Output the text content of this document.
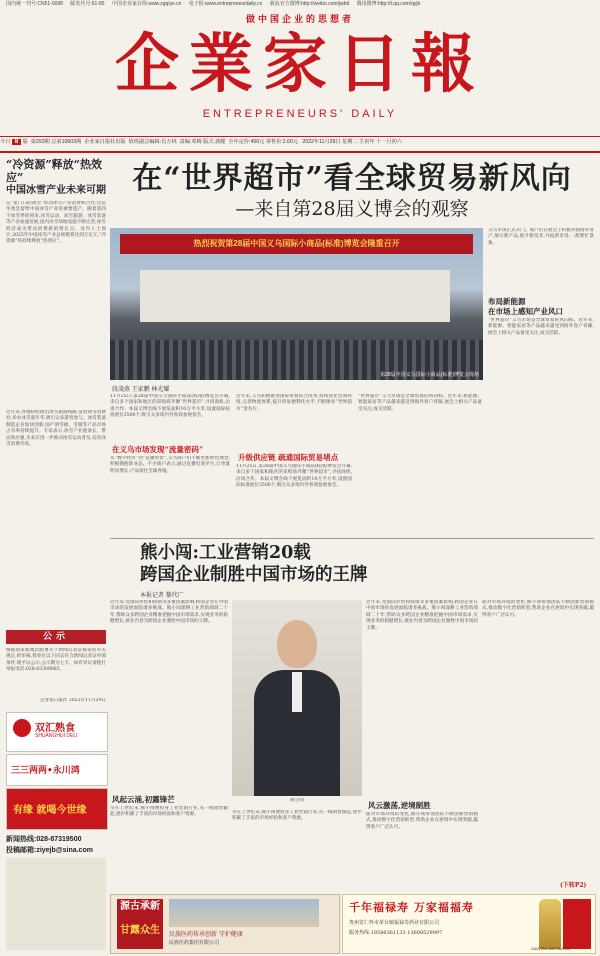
国内统一刊号:CN51-0098 邮发代号:61-85 中国企业家在线:www.zgqiye.cn 电子报:www.entrepreneurdaily.cn 新浪官方微博:http://weibo.com/jwbd 腾讯微博:http://t.qq.com/qyjb
做中国企业的思想者
企業家日報
ENTREPRENEURS' DAILY
今日 8 版 第293期 总第10603期 企业家日报社出版 值班副总编辑:肖万林 责编:邓梅 版式:龚健 全年定价:450元 零售价:2.00元 2022年11月29日 星期二 壬寅年 十一月初六
“冷资源”释放“热效应”
中国冰雪产业未来可期
记“家门口的冰雪”带动冰雪产业消费和合作,这是冬奥会留给中国冰雪产业的重要遗产。随着第四个冰雪季的到来,冰雪运动、冰雪旅游、冰雪装备等产业加速发展,国内冰雪场地设施不断完善,冰雪经济成为带动消费新的增长点。业内人士预计,2025年中国冰雪产业总规模将达到万亿元,“冷资源”将持续释放“热效应”。
近年来,各地纷纷推出冰雪旅游线路,发放冰雪消费券,举办冰雪嘉年华,吸引众多游客参与。冰雪装备制造企业加快创新,国产滑雪板、雪服等产品市场占有率持续提升。专家表示,冰雪产业链条长、带动效应强,未来应进一步推动冰雪运动普及,培育冰雪消费市场。
公示
根据国家新闻出版署关于新闻记者证核发的有关规定,经审核,我单位以下同志符合新闻记者证申领条件,现予以公示,公示期为七天。如有异议请拨打举报电话:028-63309885。
企业家日报社 2022年11月29日
双汇熟食
SHUANGHUI DELI
三三两两•永川鸿
有缘 就喝今世缘
新闻热线:028-87319500
投稿邮箱:ziyejb@sina.com
在“世界超市”看全球贸易新风向
—来自第28届义博会的观察
热烈祝贺第28届中国义乌国际小商品(标准)博览会隆重召开
第28届中国义乌国际小商品(标准)博览会现场
段凌燕 王家鹏 林光耀
11月25日,第28届中国义乌国际小商品(标准)博览会开幕,来自多个国家和地区的采购商齐聚“世界超市”,寻找商机,洽谈合作。本届义博会线下展览面积10万平方米,设置国际标准展位3500个,吸引众多境内外客商参展参会。
在义乌市场发现“流量密码”
从“数字经济”到“直播带货”,义乌商户们不断更新经营理念,积极拥抱新业态。不少商户表示,通过直播电商平台,订单量明显增长,产品销往全球各地。
近年来,义乌积极推进国际贸易综合改革,持续优化营商环境,完善物流体系,提升贸易便利化水平,不断擦亮“世界超市”金名片。
升级供应链 疏通国际贸易堵点
11月25日,第28届中国义乌国际小商品(标准)博览会开幕,来自多个国家和地区的采购商齐聚“世界超市”,寻找商机,洽谈合作。本届义博会线下展览面积10万平方米,设置国际标准展位3500个,吸引众多境内外客商参展参会。
“世界超市”义乌市场是全球贸易的风向标。近年来,新能源、智能家居等产品越来越受到海外客户青睐,展会上相关产品备受关注,成交活跃。
义乌市场正式开门。商户们在展会上积极对接海外客户,展示新产品,推介新技术,开拓新市场,一派繁忙景象。
布局新能源
在市场上感知产业风口
“世界超市”义乌市场是全球贸易的风向标。近年来,新能源、智能家居等产品越来越受到海外客户青睐,展会上相关产品备受关注,成交活跃。
熊小闯:工业营销20载
跨国企业制胜中国市场的王牌
本报记者 黎代广
近年来,受国际形势和疫情等多重因素影响,跨国企业在中国市场的发展面临诸多挑战。熊小闯深耕工业营销领域二十年,帮助众多跨国企业精准把握中国市场需求,实现业务的稳健增长,被业内誉为跨国企业制胜中国市场的王牌。
风起云涌,初露锋芒
早在上世纪末,熊小闯便投身工业营销行业,从一线销售做起,逐步积累了丰富的市场经验和客户资源。
熊小闯
早在上世纪末,熊小闯便投身工业营销行业,从一线销售做起,逐步积累了丰富的市场经验和客户资源。
近年来,受国际形势和疫情等多重因素影响,跨国企业在中国市场的发展面临诸多挑战。熊小闯深耕工业营销领域二十年,帮助众多跨国企业精准把握中国市场需求,实现业务的稳健增长,被业内誉为跨国企业制胜中国市场的王牌。
风云激荡,逆境制胜
面对市场环境的变化,熊小闯带领团队不断创新营销模式,推动数字化营销转型,帮助企业在逆境中实现突破,赢得客户广泛认可。
面对市场环境的变化,熊小闯带领团队不断创新营销模式,推动数字化营销转型,帮助企业在逆境中实现突破,赢得客户广泛认可。
(下转P2)
源古承新
甘露众生 民族医药传承创新 守护健康
民族医药集团有限公司
千年福禄寿 万家福福寿
贵州省仁怀市茅台镇福禄寿酒业有限公司
服务热线:18586361133 13608529997
GUIZHOU MAOTAIZHEN
